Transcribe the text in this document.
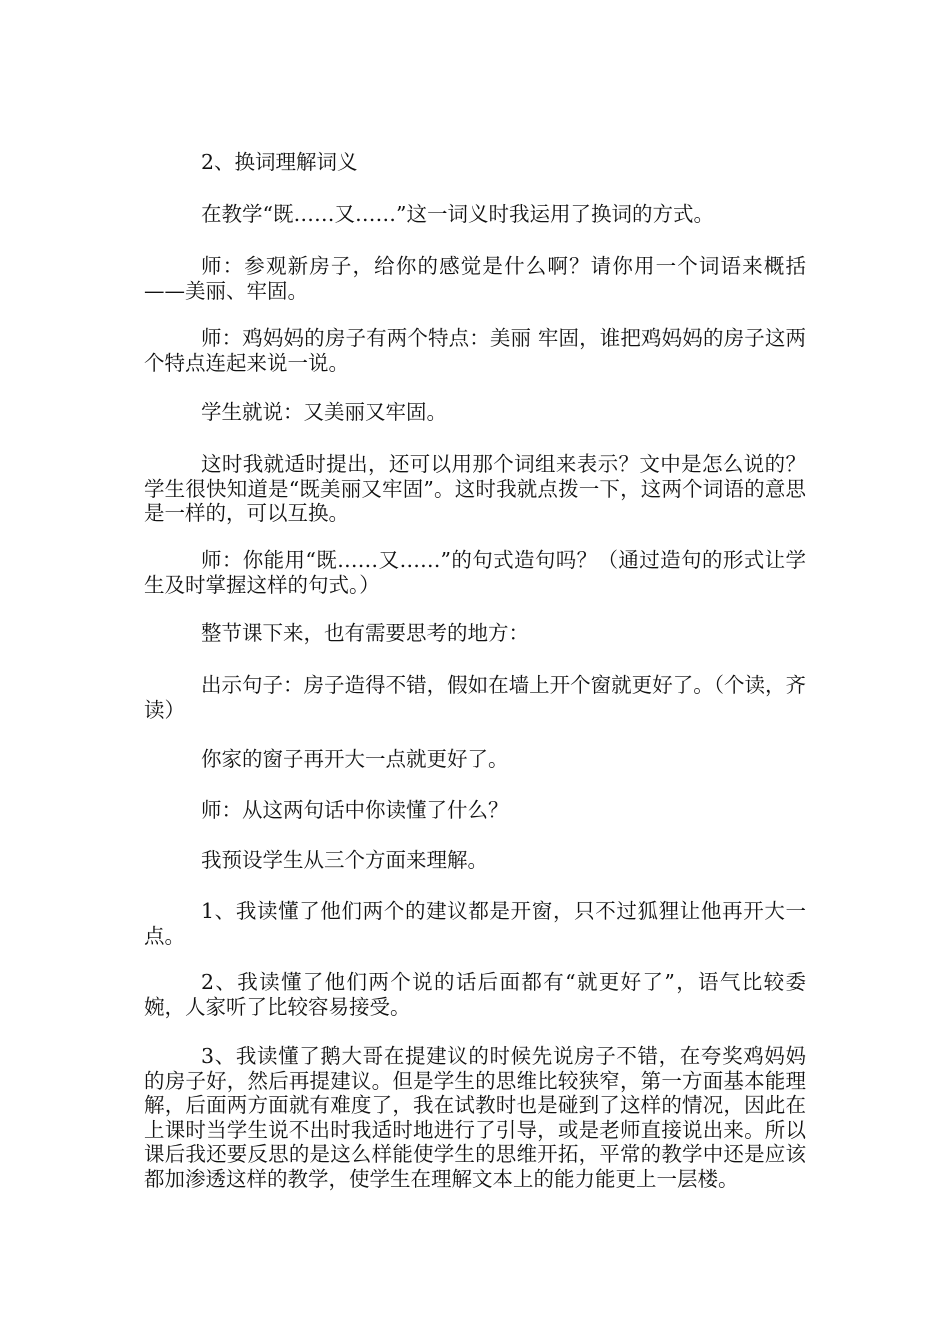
2、换词理解词义

在教学“既……又……”这一词义时我运用了换词的方式。

师：参观新房子，给你的感觉是什么啊？请你用一个词语来概括——美丽、牢固。

师：鸡妈妈的房子有两个特点：美丽 牢固，谁把鸡妈妈的房子这两个特点连起来说一说。

学生就说：又美丽又牢固。

这时我就适时提出，还可以用那个词组来表示？文中是怎么说的？学生很快知道是“既美丽又牢固”。这时我就点拨一下，这两个词语的意思是一样的，可以互换。

师：你能用“既……又……”的句式造句吗？（通过造句的形式让学生及时掌握这样的句式。）

整节课下来，也有需要思考的地方：

出示句子：房子造得不错，假如在墙上开个窗就更好了。（个读，齐读）

你家的窗子再开大一点就更好了。

师：从这两句话中你读懂了什么？

我预设学生从三个方面来理解。

1、我读懂了他们两个的建议都是开窗，只不过狐狸让他再开大一点。

2、我读懂了他们两个说的话后面都有“就更好了”，语气比较委婉，人家听了比较容易接受。

3、我读懂了鹅大哥在提建议的时候先说房子不错，在夸奖鸡妈妈的房子好，然后再提建议。但是学生的思维比较狭窄，第一方面基本能理解，后面两方面就有难度了，我在试教时也是碰到了这样的情况，因此在上课时当学生说不出时我适时地进行了引导，或是老师直接说出来。所以课后我还要反思的是这么样能使学生的思维开拓，平常的教学中还是应该都加渗透这样的教学，使学生在理解文本上的能力能更上一层楼。
